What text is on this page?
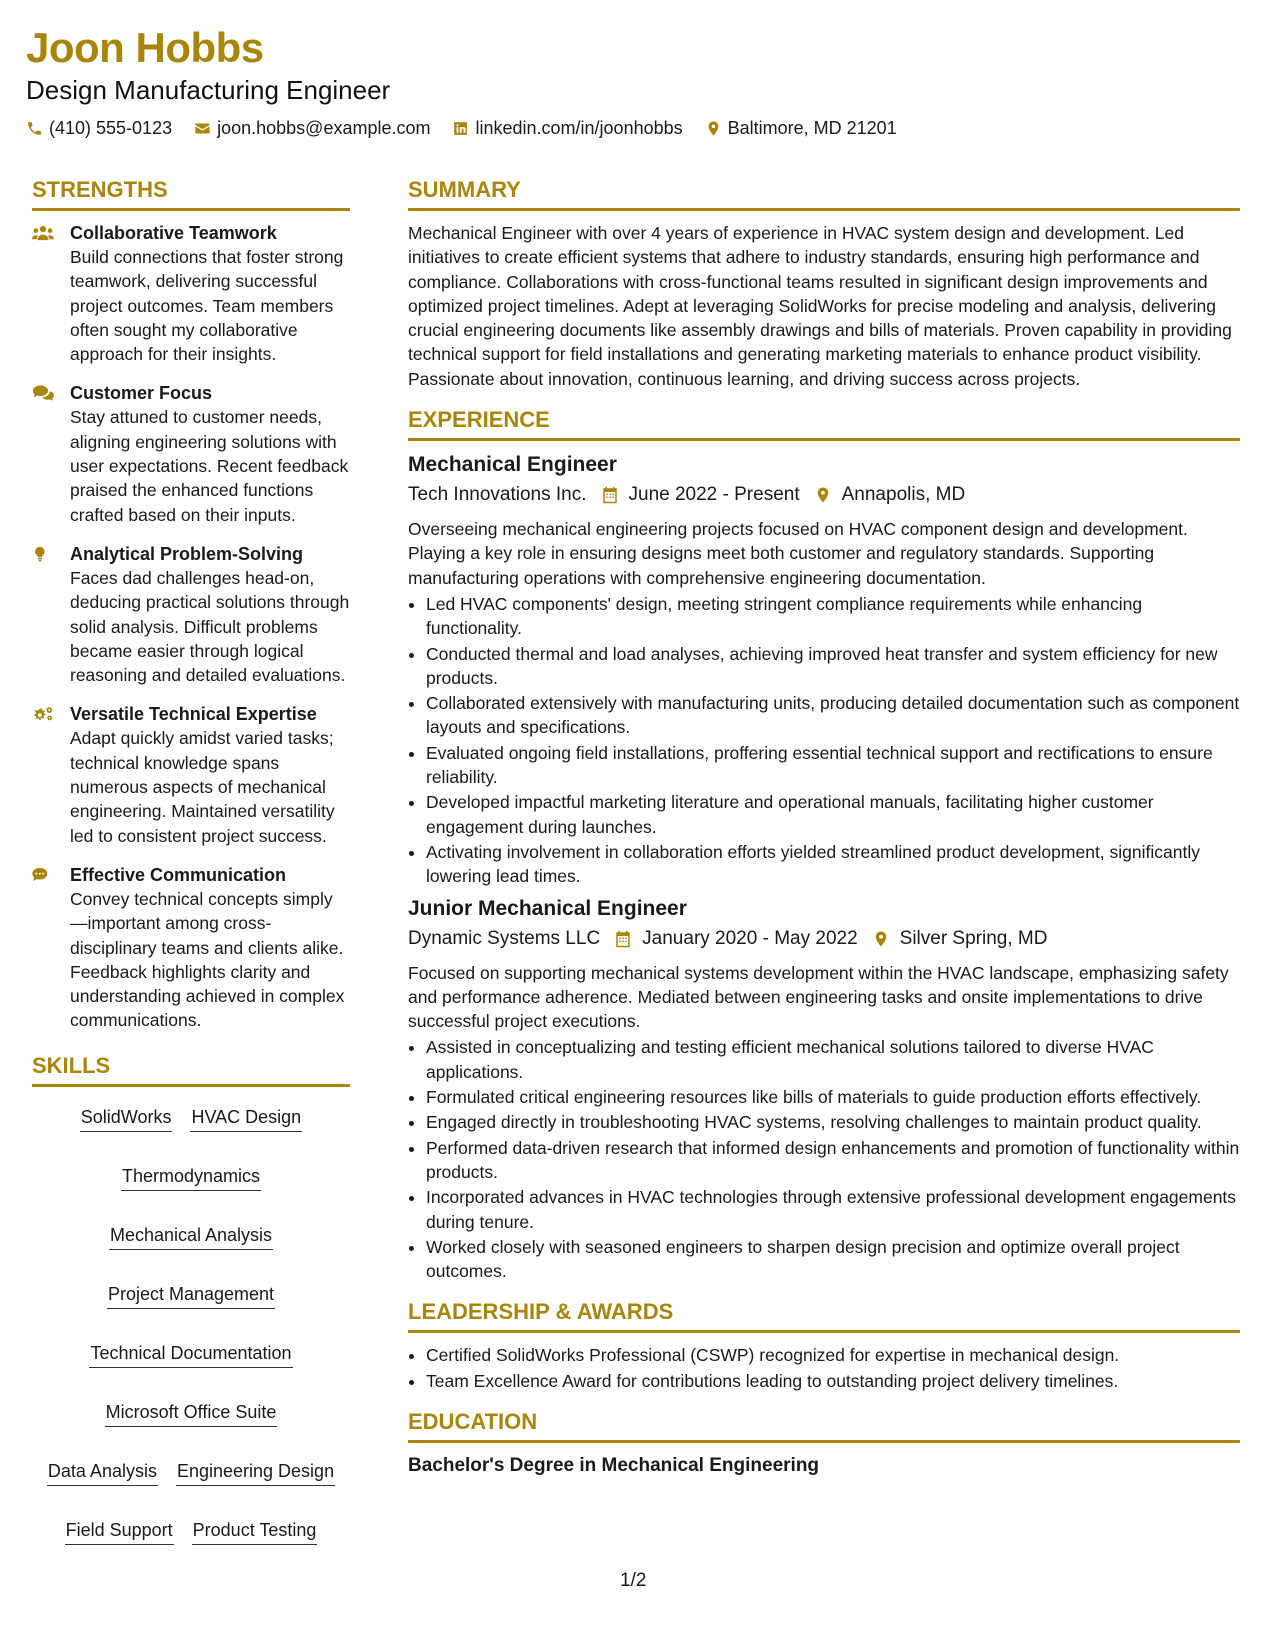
Joon Hobbs
Design Manufacturing Engineer
(410) 555-0123	joon.hobbs@example.com	linkedin.com/in/joonhobbs	Baltimore, MD 21201
STRENGTHS
Collaborative Teamwork
Build connections that foster strong teamwork, delivering successful project outcomes. Team members often sought my collaborative approach for their insights.
Customer Focus
Stay attuned to customer needs, aligning engineering solutions with user expectations. Recent feedback praised the enhanced functions crafted based on their inputs.
Analytical Problem-Solving
Faces dad challenges head-on, deducing practical solutions through solid analysis. Difficult problems became easier through logical reasoning and detailed evaluations.
Versatile Technical Expertise
Adapt quickly amidst varied tasks; technical knowledge spans numerous aspects of mechanical engineering. Maintained versatility led to consistent project success.
Effective Communication
Convey technical concepts simply—important among cross-disciplinary teams and clients alike. Feedback highlights clarity and understanding achieved in complex communications.
SKILLS
SolidWorks HVAC Design
Thermodynamics
Mechanical Analysis
Project Management
Technical Documentation
Microsoft Office Suite
Data Analysis Engineering Design
Field Support Product Testing
SUMMARY
Mechanical Engineer with over 4 years of experience in HVAC system design and development. Led initiatives to create efficient systems that adhere to industry standards, ensuring high performance and compliance. Collaborations with cross-functional teams resulted in significant design improvements and optimized project timelines. Adept at leveraging SolidWorks for precise modeling and analysis, delivering crucial engineering documents like assembly drawings and bills of materials. Proven capability in providing technical support for field installations and generating marketing materials to enhance product visibility. Passionate about innovation, continuous learning, and driving success across projects.
EXPERIENCE
Mechanical Engineer
Tech Innovations Inc. June 2022 - Present Annapolis, MD
Overseeing mechanical engineering projects focused on HVAC component design and development. Playing a key role in ensuring designs meet both customer and regulatory standards. Supporting manufacturing operations with comprehensive engineering documentation.
• Led HVAC components' design, meeting stringent compliance requirements while enhancing functionality.
• Conducted thermal and load analyses, achieving improved heat transfer and system efficiency for new products.
• Collaborated extensively with manufacturing units, producing detailed documentation such as component layouts and specifications.
• Evaluated ongoing field installations, proffering essential technical support and rectifications to ensure reliability.
• Developed impactful marketing literature and operational manuals, facilitating higher customer engagement during launches.
• Activating involvement in collaboration efforts yielded streamlined product development, significantly lowering lead times.
Junior Mechanical Engineer
Dynamic Systems LLC January 2020 - May 2022 Silver Spring, MD
Focused on supporting mechanical systems development within the HVAC landscape, emphasizing safety and performance adherence. Mediated between engineering tasks and onsite implementations to drive successful project executions.
• Assisted in conceptualizing and testing efficient mechanical solutions tailored to diverse HVAC applications.
• Formulated critical engineering resources like bills of materials to guide production efforts effectively.
• Engaged directly in troubleshooting HVAC systems, resolving challenges to maintain product quality.
• Performed data-driven research that informed design enhancements and promotion of functionality within products.
• Incorporated advances in HVAC technologies through extensive professional development engagements during tenure.
• Worked closely with seasoned engineers to sharpen design precision and optimize overall project outcomes.
LEADERSHIP & AWARDS
• Certified SolidWorks Professional (CSWP) recognized for expertise in mechanical design.
• Team Excellence Award for contributions leading to outstanding project delivery timelines.
EDUCATION
Bachelor's Degree in Mechanical Engineering
1/2
